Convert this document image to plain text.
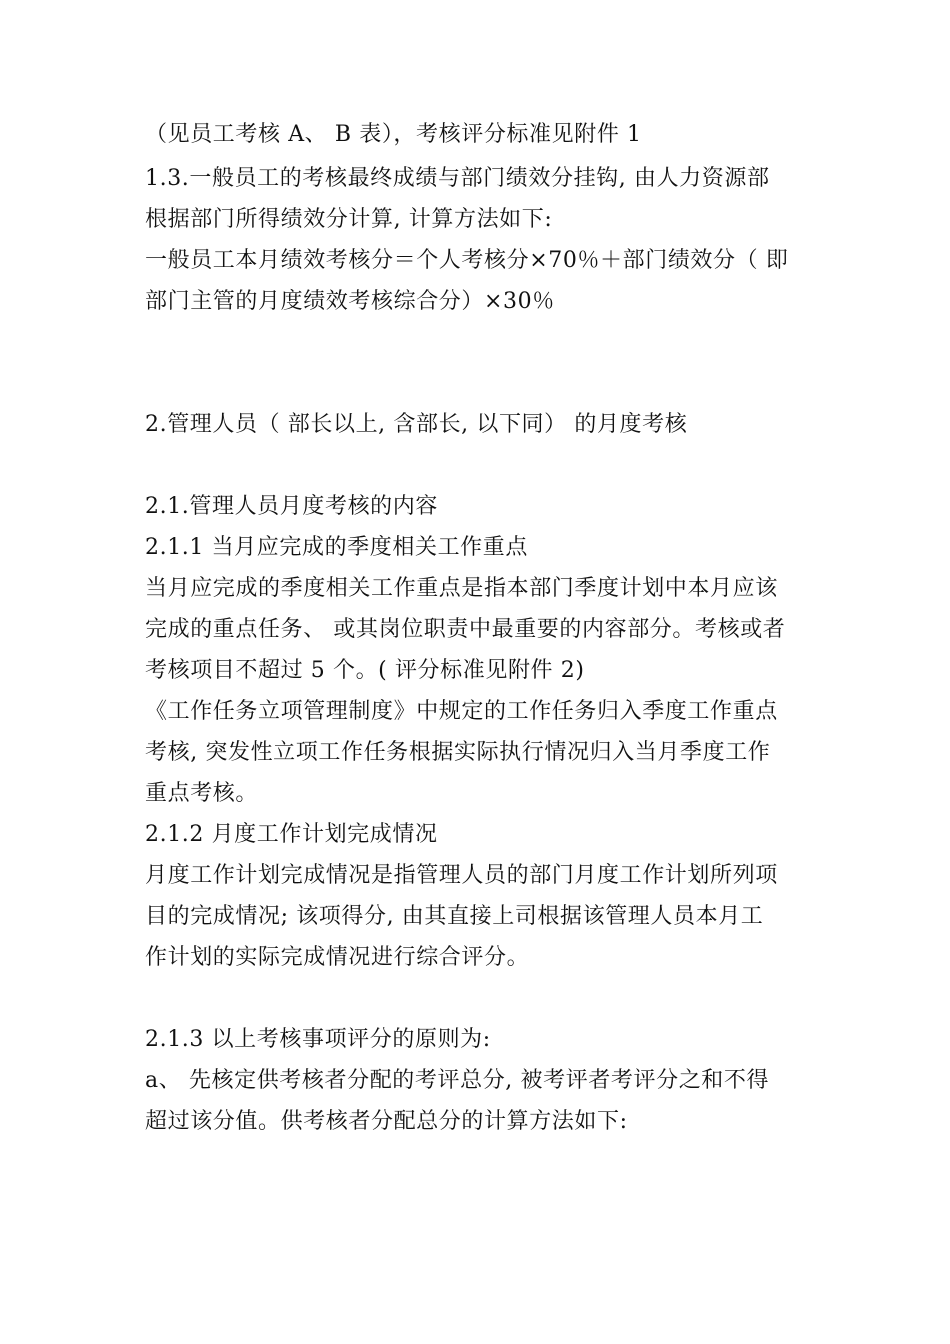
（见员工考核 A、 B 表），考核评分标准见附件 1
1.3.一般员工的考核最终成绩与部门绩效分挂钩, 由人力资源部
根据部门所得绩效分计算, 计算方法如下:
一般员工本月绩效考核分＝个人考核分×70％＋部门绩效分（ 即
部门主管的月度绩效考核综合分）×30％
2.管理人员（ 部长以上, 含部长, 以下同） 的月度考核
2.1.管理人员月度考核的内容
2.1.1 当月应完成的季度相关工作重点
当月应完成的季度相关工作重点是指本部门季度计划中本月应该
完成的重点任务、 或其岗位职责中最重要的内容部分。考核或者
考核项目不超过 5 个。( 评分标准见附件 2)
《工作任务立项管理制度》中规定的工作任务归入季度工作重点
考核, 突发性立项工作任务根据实际执行情况归入当月季度工作
重点考核。
2.1.2 月度工作计划完成情况
月度工作计划完成情况是指管理人员的部门月度工作计划所列项
目的完成情况; 该项得分, 由其直接上司根据该管理人员本月工
作计划的实际完成情况进行综合评分。
2.1.3 以上考核事项评分的原则为:
a、 先核定供考核者分配的考评总分, 被考评者考评分之和不得
超过该分值。供考核者分配总分的计算方法如下:
